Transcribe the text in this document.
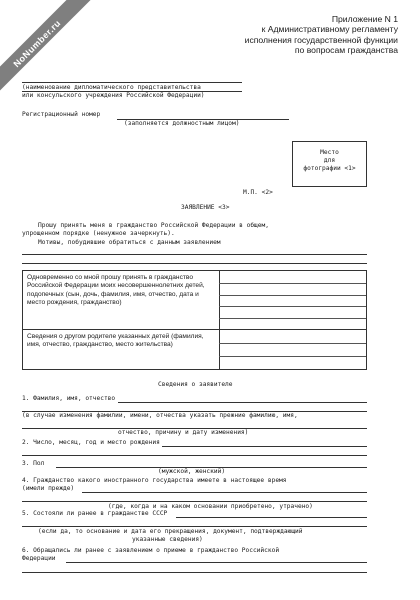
NoNumber.ru	Приложение N 1
к Административному регламенту
исполнения государственной функции
по вопросам гражданства
(наименование дипломатического представительства
или консульского учреждения Российской Федерации)
Регистрационный номер
(заполняется должностным лицом)
Место
для
фотографии <1>
М.П. <2>
ЗАЯВЛЕНИЕ <3>
Прошу принять меня в гражданство Российской Федерации в общем,
упрощенном порядке (ненужное зачеркнуть).
Мотивы, побудившие обратиться с данным заявлением
Одновременно со мной прошу принять в гражданство Российской Федерации моих несовершеннолетних детей, подопечных (сын, дочь, фамилия, имя, отчество, дата и место рождения, гражданство)
Сведения о другом родителе указанных детей (фамилия, имя, отчество, гражданство, место жительства)
Сведения о заявителе
1. Фамилия, имя, отчество
(в случае изменения фамилии, имени, отчества указать прежние фамилию, имя,
отчество, причину и дату изменения)
2. Число, месяц, год и место рождения
3. Пол
(мужской, женский)
4. Гражданство какого иностранного государства имеете в настоящее время
(имели прежде)
(где, когда и на каком основании приобретено, утрачено)
5. Состояли ли ранее в гражданстве СССР
(если да, то основание и дата его прекращения, документ, подтверждающий
указанные сведения)
6. Обращались ли ранее с заявлением о приеме в гражданство Российской
Федерации
